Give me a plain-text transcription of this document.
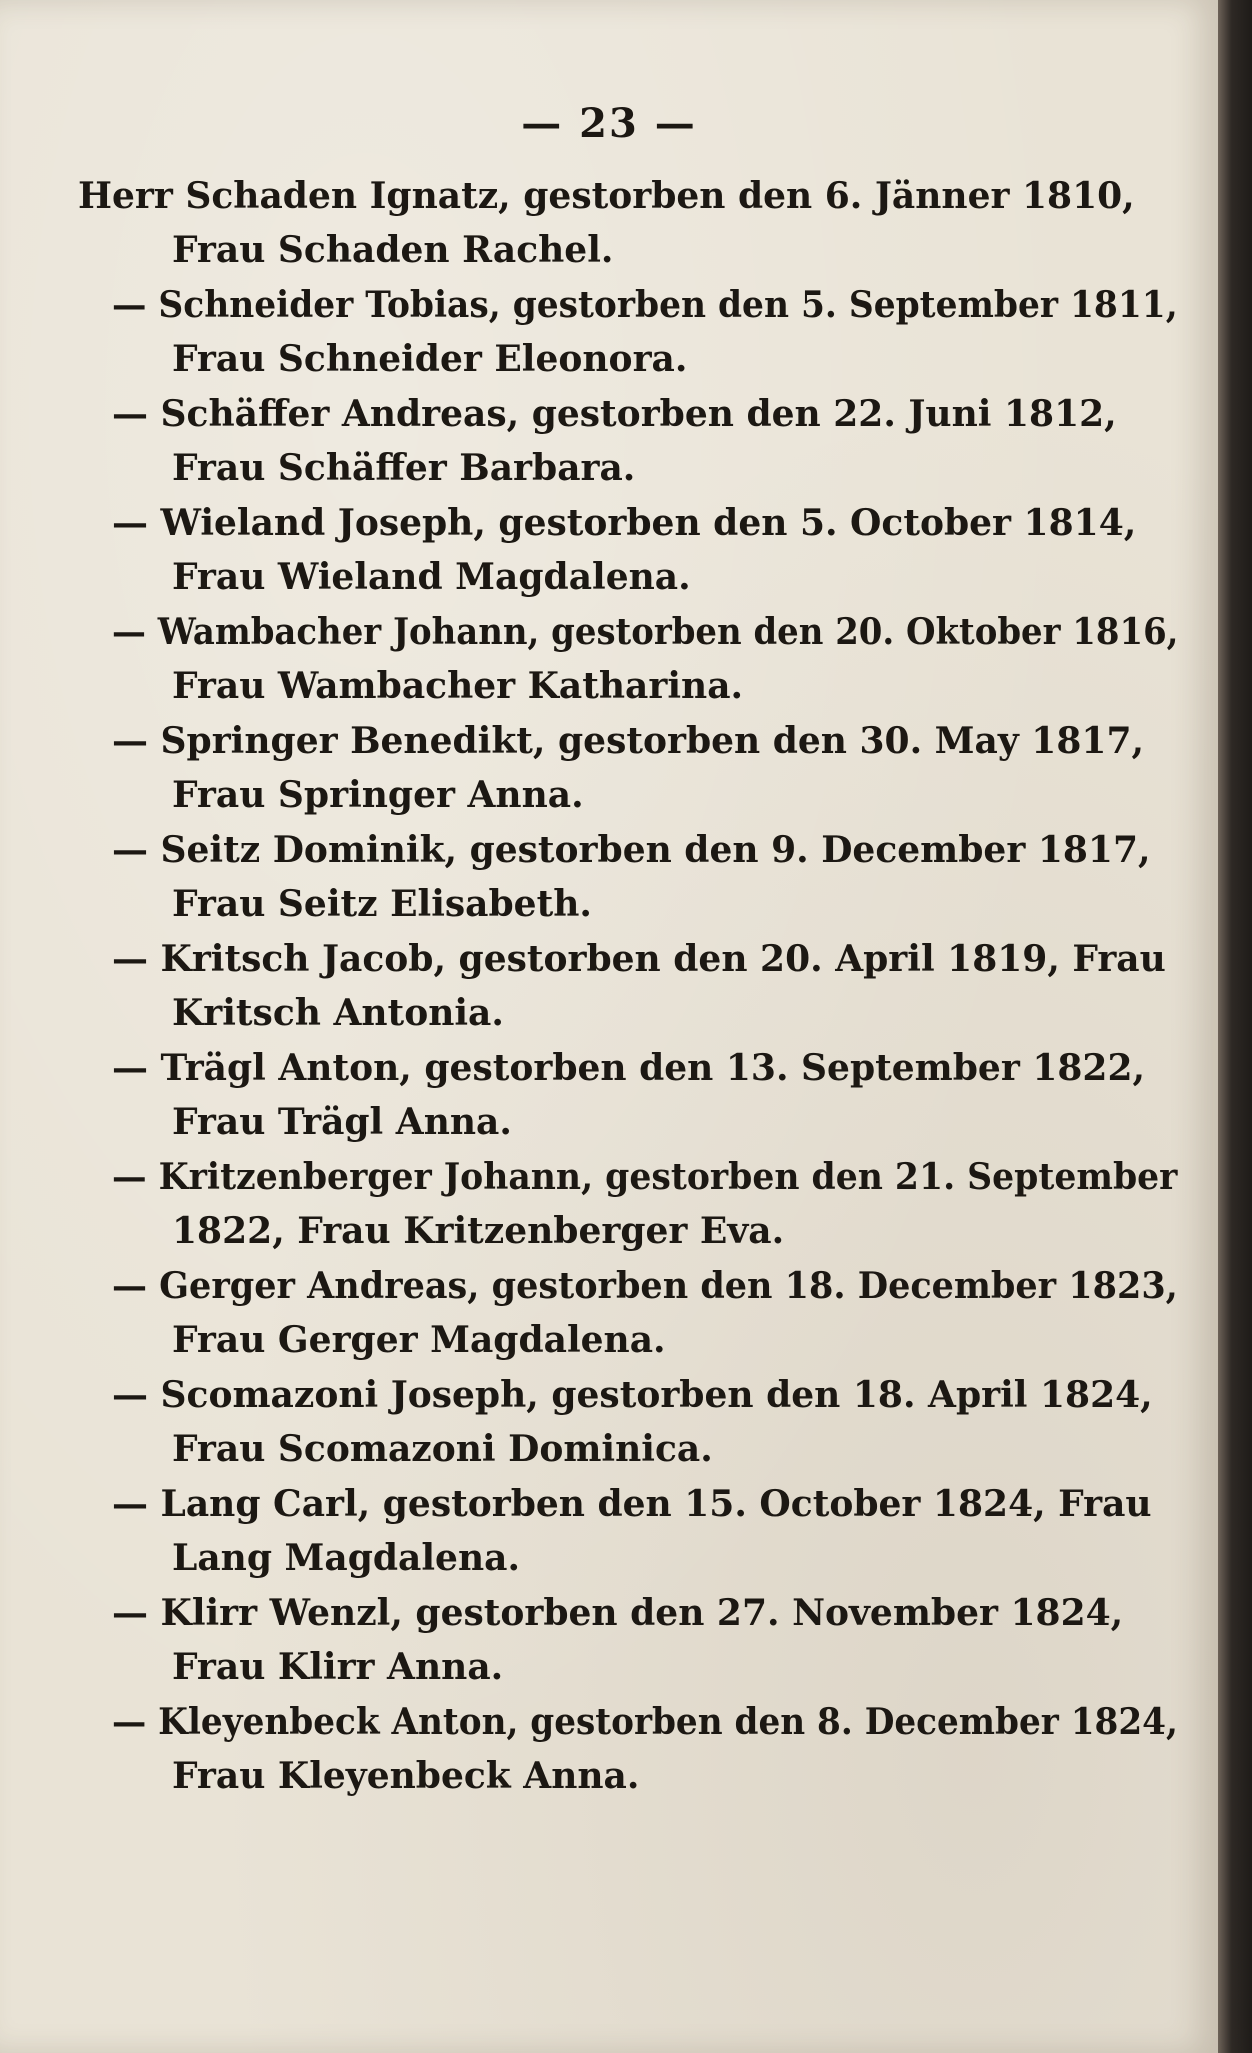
— 23 —
Herr Schaden Ignatz, gestorben den 6. Jänner 1810,
Frau Schaden Rachel.
— Schneider Tobias, gestorben den 5. September 1811,
Frau Schneider Eleonora.
— Schäffer Andreas, gestorben den 22. Juni 1812,
Frau Schäffer Barbara.
— Wieland Joseph, gestorben den 5. October 1814,
Frau Wieland Magdalena.
— Wambacher Johann, gestorben den 20. Oktober 1816,
Frau Wambacher Katharina.
— Springer Benedikt, gestorben den 30. May 1817,
Frau Springer Anna.
— Seitz Dominik, gestorben den 9. December 1817,
Frau Seitz Elisabeth.
— Kritsch Jacob, gestorben den 20. April 1819, Frau
Kritsch Antonia.
— Trägl Anton, gestorben den 13. September 1822,
Frau Trägl Anna.
— Kritzenberger Johann, gestorben den 21. September
1822, Frau Kritzenberger Eva.
— Gerger Andreas, gestorben den 18. December 1823,
Frau Gerger Magdalena.
— Scomazoni Joseph, gestorben den 18. April 1824,
Frau Scomazoni Dominica.
— Lang Carl, gestorben den 15. October 1824, Frau
Lang Magdalena.
— Klirr Wenzl, gestorben den 27. November 1824,
Frau Klirr Anna.
— Kleyenbeck Anton, gestorben den 8. December 1824,
Frau Kleyenbeck Anna.
